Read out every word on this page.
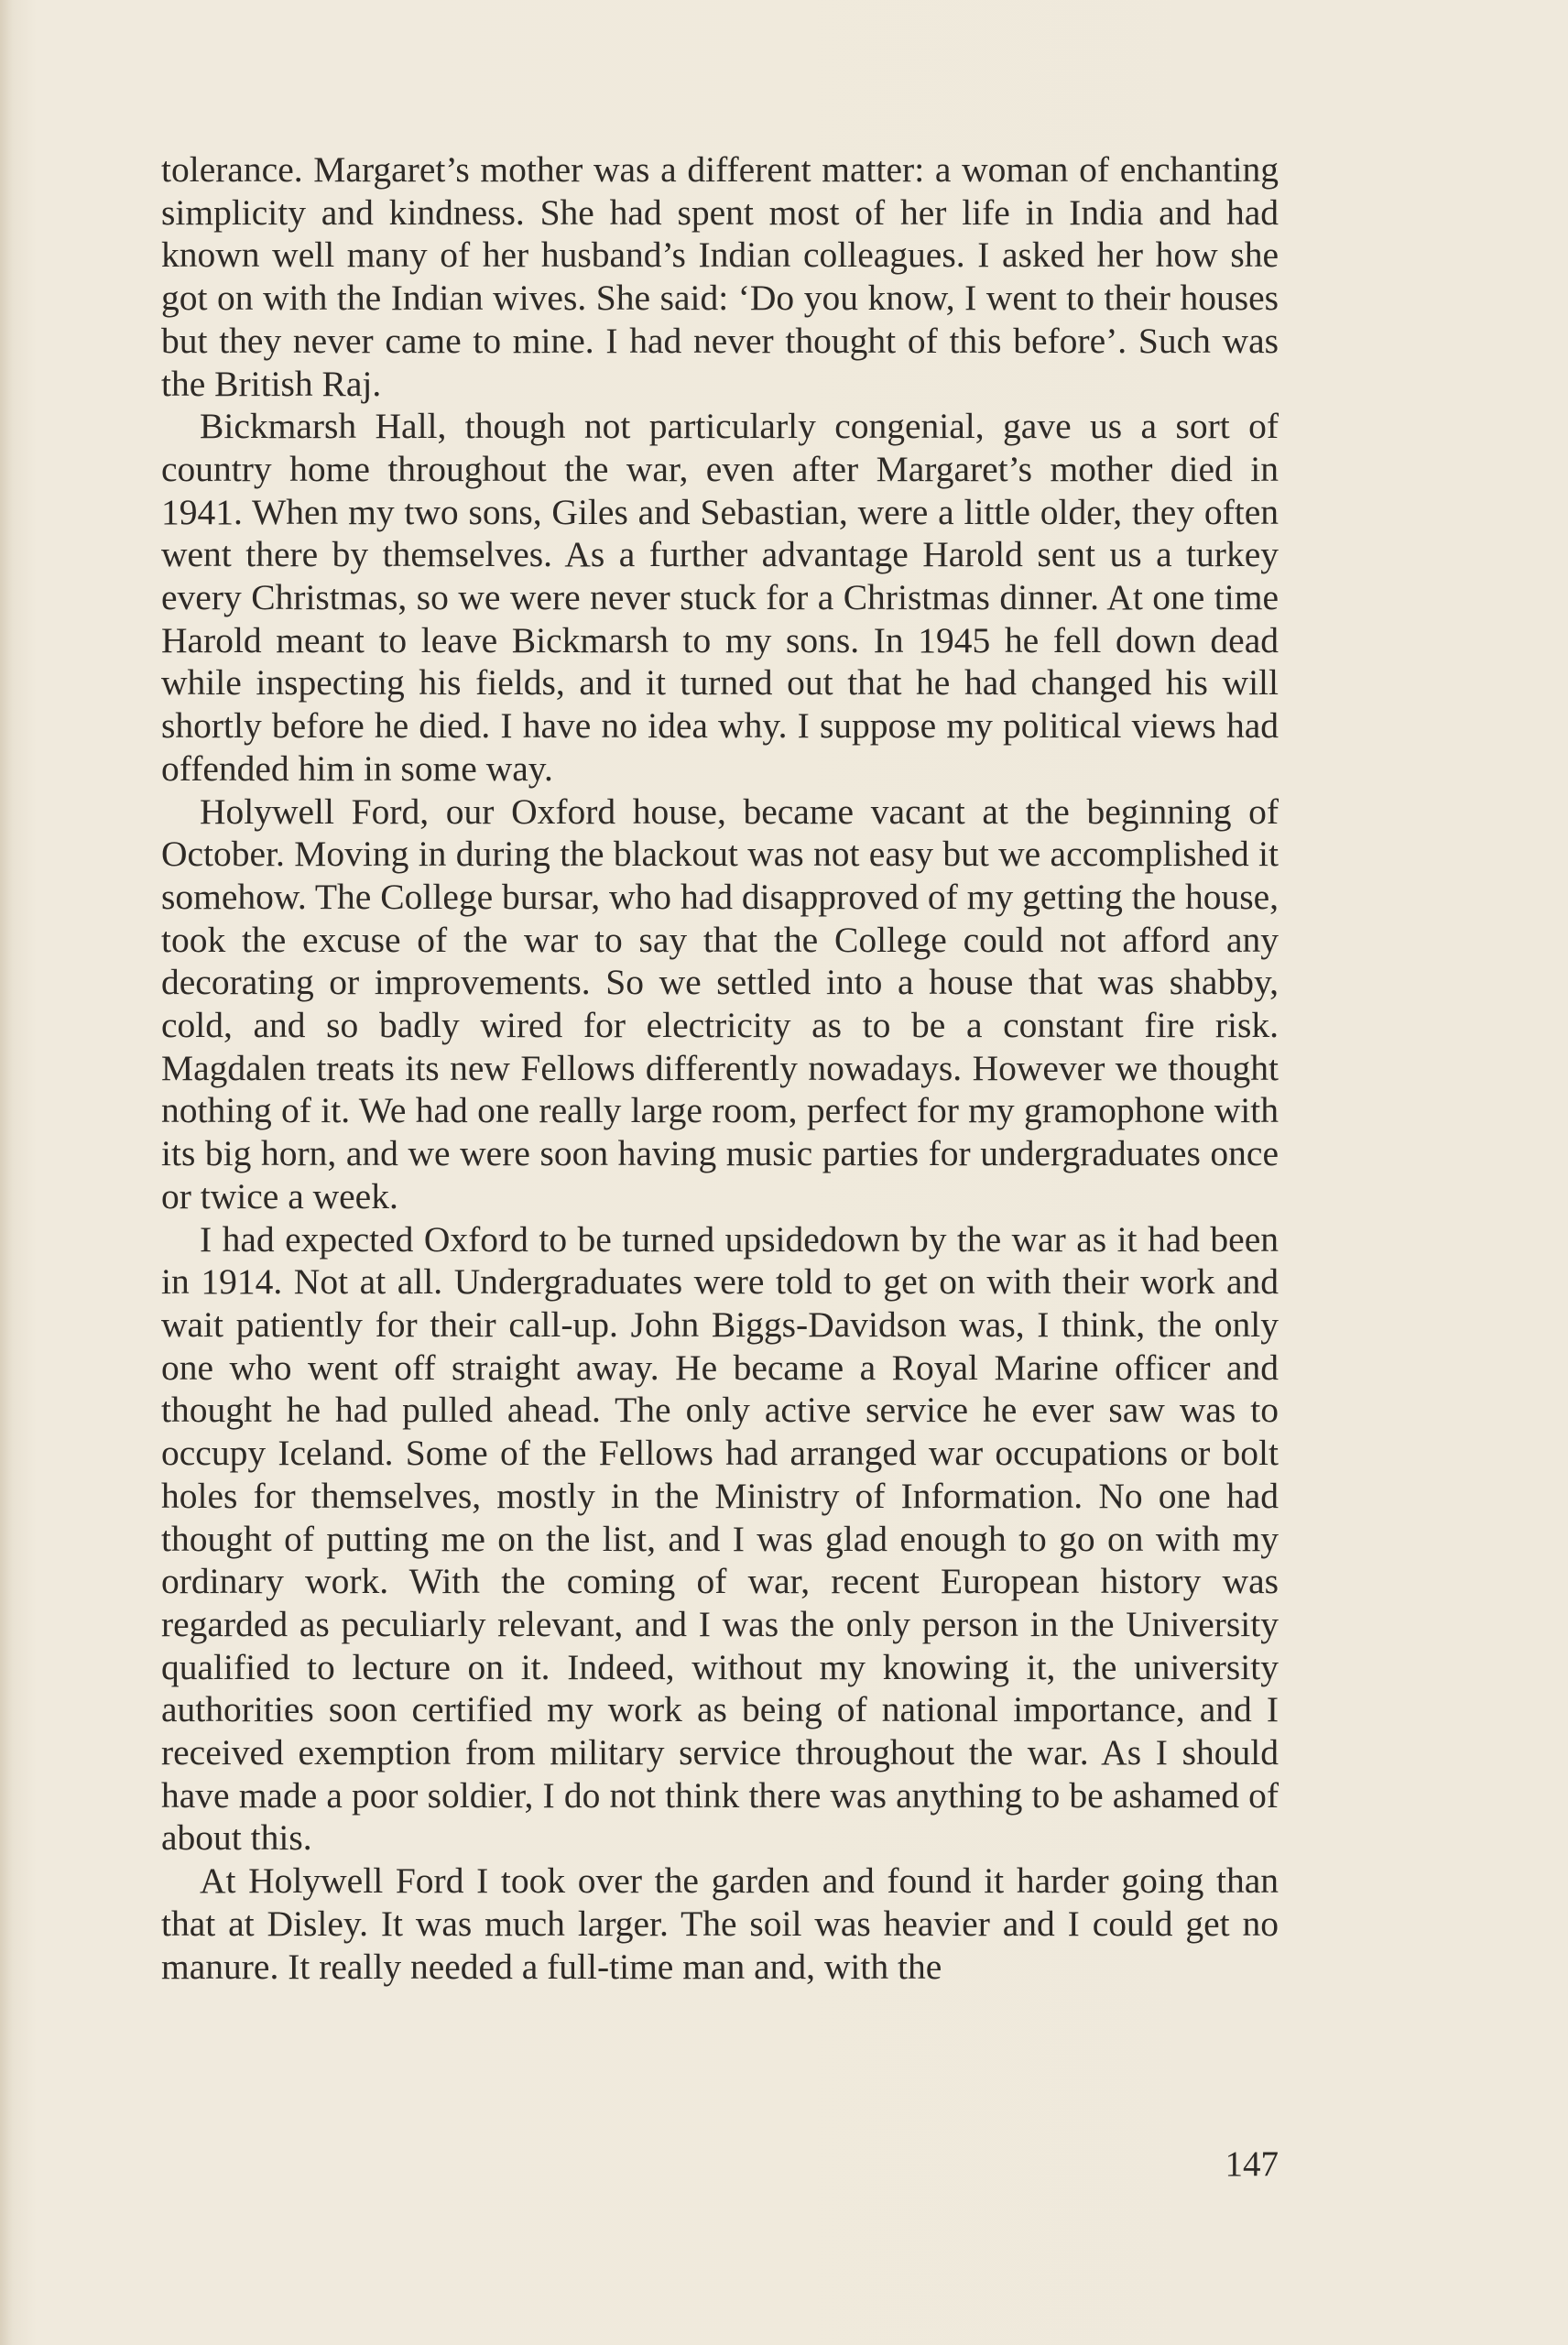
tolerance. Margaret’s mother was a different matter: a woman of enchanting simplicity and kindness. She had spent most of her life in India and had known well many of her husband’s Indian colleagues. I asked her how she got on with the Indian wives. She said: ‘Do you know, I went to their houses but they never came to mine. I had never thought of this before’. Such was the British Raj.

Bickmarsh Hall, though not particularly congenial, gave us a sort of country home throughout the war, even after Margaret’s mother died in 1941. When my two sons, Giles and Sebastian, were a little older, they often went there by themselves. As a further advantage Harold sent us a turkey every Christmas, so we were never stuck for a Christmas dinner. At one time Harold meant to leave Bickmarsh to my sons. In 1945 he fell down dead while inspecting his fields, and it turned out that he had changed his will shortly before he died. I have no idea why. I suppose my political views had offended him in some way.

Holywell Ford, our Oxford house, became vacant at the beginning of October. Moving in during the blackout was not easy but we accomplished it somehow. The College bursar, who had disapproved of my getting the house, took the excuse of the war to say that the College could not afford any decorating or improvements. So we settled into a house that was shabby, cold, and so badly wired for electricity as to be a constant fire risk. Magdalen treats its new Fellows differently nowadays. However we thought nothing of it. We had one really large room, perfect for my gramophone with its big horn, and we were soon having music parties for undergraduates once or twice a week.

I had expected Oxford to be turned upsidedown by the war as it had been in 1914. Not at all. Undergraduates were told to get on with their work and wait patiently for their call-up. John Biggs-Davidson was, I think, the only one who went off straight away. He became a Royal Marine officer and thought he had pulled ahead. The only active service he ever saw was to occupy Iceland. Some of the Fellows had arranged war occupations or bolt holes for themselves, mostly in the Ministry of Information. No one had thought of putting me on the list, and I was glad enough to go on with my ordinary work. With the coming of war, recent European history was regarded as peculiarly relevant, and I was the only person in the University qualified to lecture on it. Indeed, without my knowing it, the university authorities soon certified my work as being of national importance, and I received exemption from military service throughout the war. As I should have made a poor soldier, I do not think there was anything to be ashamed of about this.

At Holywell Ford I took over the garden and found it harder going than that at Disley. It was much larger. The soil was heavier and I could get no manure. It really needed a full-time man and, with the

147
